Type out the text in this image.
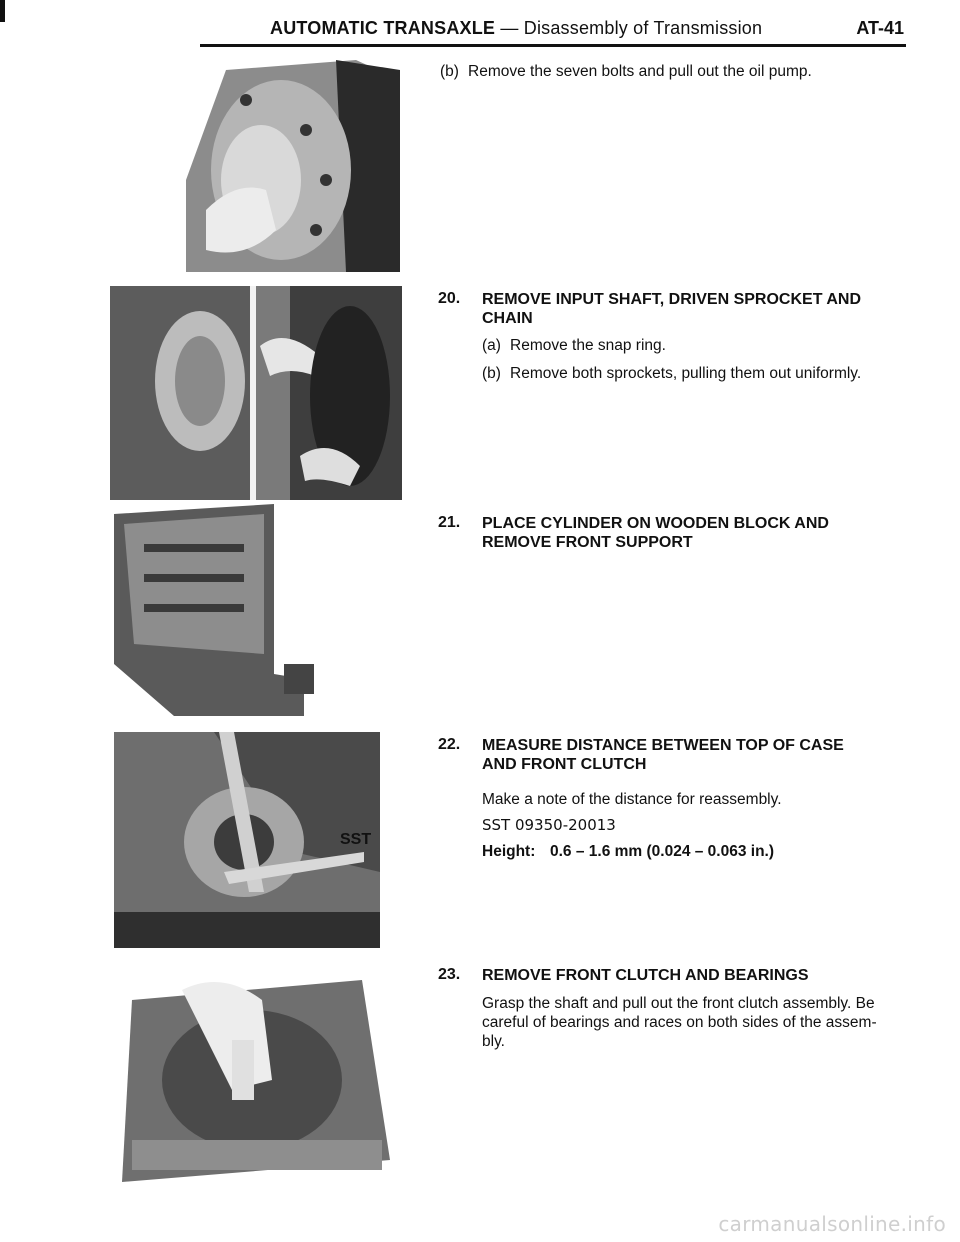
AUTOMATIC TRANSAXLE — Disassembly of Transmission	AT-41
SST
(b) Remove the seven bolts and pull out the oil pump.
20.	REMOVE INPUT SHAFT, DRIVEN SPROCKET AND
CHAIN
(a) Remove the snap ring.
(b) Remove both sprockets, pulling them out uniformly.
21.	PLACE CYLINDER ON WOODEN BLOCK AND
REMOVE FRONT SUPPORT
22.	MEASURE DISTANCE BETWEEN TOP OF CASE
AND FRONT CLUTCH
Make a note of the distance for reassembly.
SST 09350-20013
Height: 0.6 – 1.6 mm (0.024 – 0.063 in.)
23.	REMOVE FRONT CLUTCH AND BEARINGS
Grasp the shaft and pull out the front clutch assembly. Be
careful of bearings and races on both sides of the assem-
bly.
carmanualsonline.info
